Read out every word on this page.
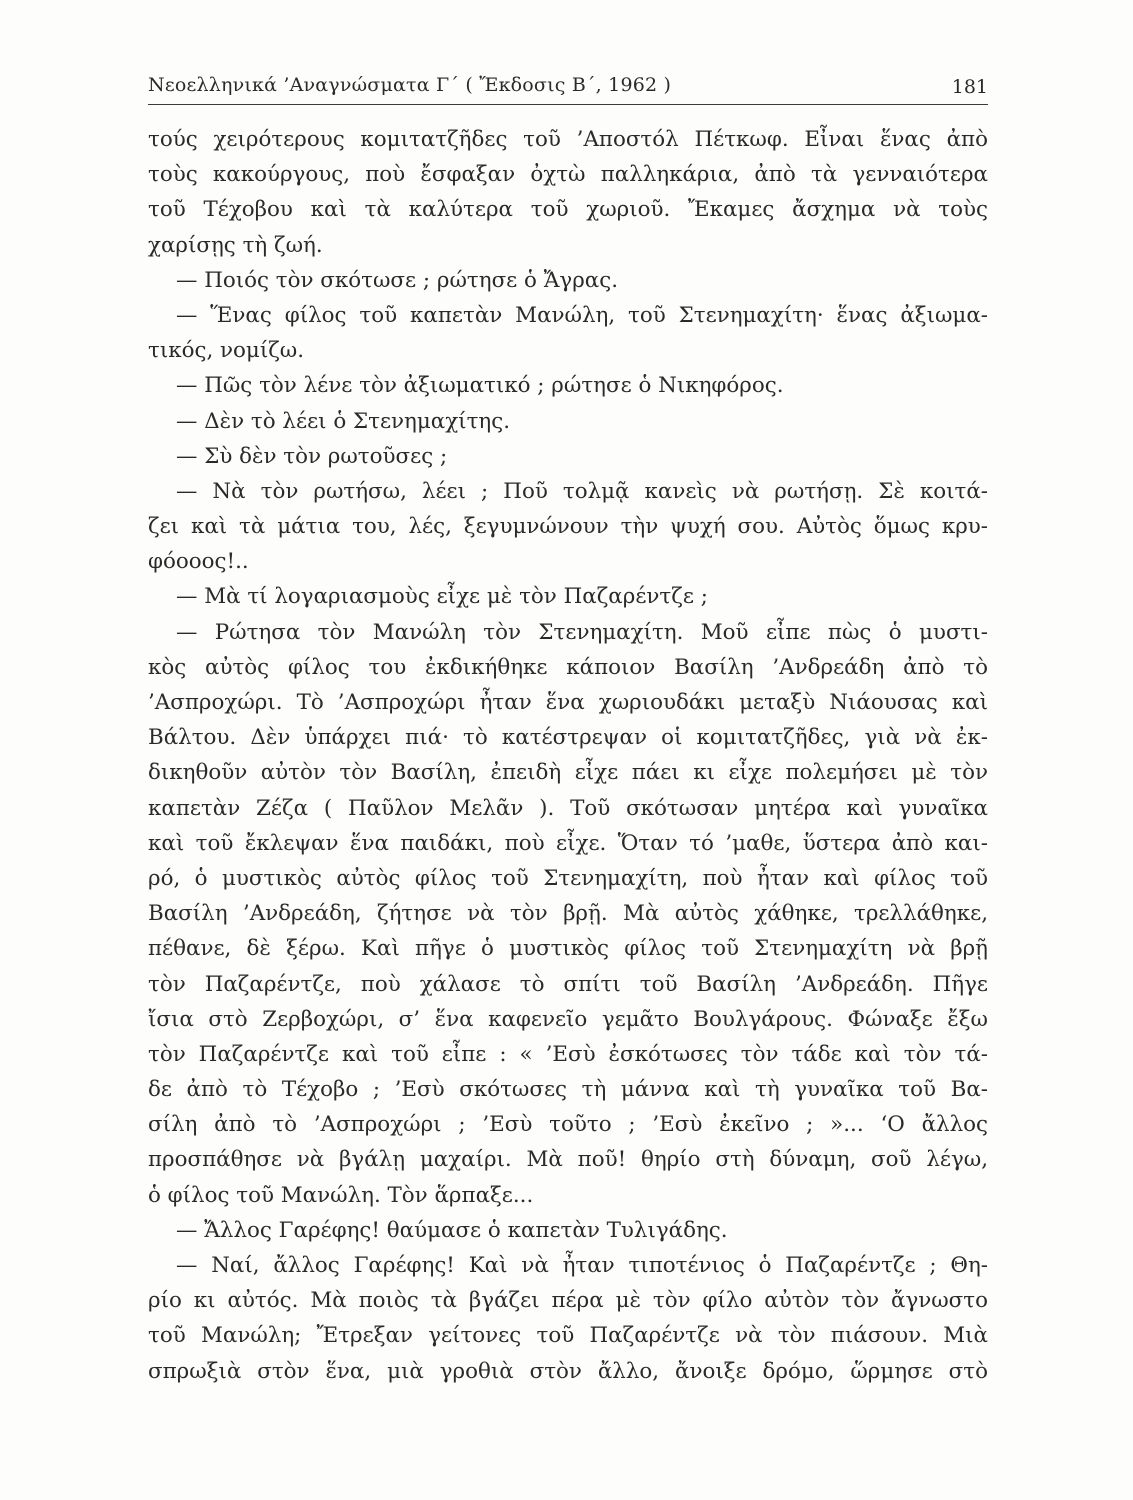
Νεοελληνικά ’Αναγνώσματα Γ΄ ( Ἔκδοσις Β΄, 1962 )	181
τούς χειρότερους κομιτατζῆδες τοῦ ’Αποστόλ Πέτκωφ. Εἶναι ἕνας ἀπὸ
τοὺς κακούργους, ποὺ ἔσφαξαν ὀχτὼ παλληκάρια, ἀπὸ τὰ γενναιότερα
τοῦ Τέχοβου καὶ τὰ καλύτερα τοῦ χωριοῦ. Ἔκαμες ἄσχημα νὰ τοὺς
χαρίσῃς τὴ ζωή.
— Ποιός τὸν σκότωσε ; ρώτησε ὁ Ἄγρας.
— Ἕνας φίλος τοῦ καπετὰν Μανώλη, τοῦ Στενημαχίτη· ἕνας ἀξιωμα-
τικός, νομίζω.
— Πῶς τὸν λένε τὸν ἀξιωματικό ; ρώτησε ὁ Νικηφόρος.
— Δὲν τὸ λέει ὁ Στενημαχίτης.
— Σὺ δὲν τὸν ρωτοῦσες ;
— Νὰ τὸν ρωτήσω, λέει ; Ποῦ τολμᾷ κανεὶς νὰ ρωτήσῃ. Σὲ κοιτά-
ζει καὶ τὰ μάτια του, λές, ξεγυμνώνουν τὴν ψυχή σου. Αὐτὸς ὅμως κρυ-
φόοοος!..
— Μὰ τί λογαριασμοὺς εἶχε μὲ τὸν Παζαρέντζε ;
— Ρώτησα τὸν Μανώλη τὸν Στενημαχίτη. Μοῦ εἶπε πὼς ὁ μυστι-
κὸς αὐτὸς φίλος του ἐκδικήθηκε κάποιον Βασίλη ’Ανδρεάδη ἀπὸ τὸ
’Ασπροχώρι. Τὸ ’Ασπροχώρι ἦταν ἕνα χωριουδάκι μεταξὺ Νιάουσας καὶ
Βάλτου. Δὲν ὑπάρχει πιά· τὸ κατέστρεψαν οἱ κομιτατζῆδες, γιὰ νὰ ἐκ-
δικηθοῦν αὐτὸν τὸν Βασίλη, ἐπειδὴ εἶχε πάει κι εἶχε πολεμήσει μὲ τὸν
καπετὰν Ζέζα ( Παῦλον Μελᾶν ). Τοῦ σκότωσαν μητέρα καὶ γυναῖκα
καὶ τοῦ ἔκλεψαν ἕνα παιδάκι, ποὺ εἶχε. Ὅταν τό ’μαθε, ὕστερα ἀπὸ και-
ρό, ὁ μυστικὸς αὐτὸς φίλος τοῦ Στενημαχίτη, ποὺ ἦταν καὶ φίλος τοῦ
Βασίλη ’Ανδρεάδη, ζήτησε νὰ τὸν βρῇ. Μὰ αὐτὸς χάθηκε, τρελλάθηκε,
πέθανε, δὲ ξέρω. Καὶ πῆγε ὁ μυστικὸς φίλος τοῦ Στενημαχίτη νὰ βρῇ
τὸν Παζαρέντζε, ποὺ χάλασε τὸ σπίτι τοῦ Βασίλη ’Ανδρεάδη. Πῆγε
ἴσια στὸ Ζερβοχώρι, σ’ ἕνα καφενεῖο γεμᾶτο Βουλγάρους. Φώναξε ἔξω
τὸν Παζαρέντζε καὶ τοῦ εἶπε : « ’Εσὺ ἐσκότωσες τὸν τάδε καὶ τὸν τά-
δε ἀπὸ τὸ Τέχοβο ; ’Εσὺ σκότωσες τὴ μάννα καὶ τὴ γυναῖκα τοῦ Βα-
σίλη ἀπὸ τὸ ’Ασπροχώρι ; ’Εσὺ τοῦτο ; ’Εσὺ ἐκεῖνο ; »... ‘Ο ἄλλος
προσπάθησε νὰ βγάλῃ μαχαίρι. Μὰ ποῦ! θηρίο στὴ δύναμη, σοῦ λέγω,
ὁ φίλος τοῦ Μανώλη. Τὸν ἅρπαξε...
— Ἄλλος Γαρέφης! θαύμασε ὁ καπετὰν Τυλιγάδης.
— Ναί, ἄλλος Γαρέφης! Καὶ νὰ ἦταν τιποτένιος ὁ Παζαρέντζε ; Θη-
ρίο κι αὐτός. Μὰ ποιὸς τὰ βγάζει πέρα μὲ τὸν φίλο αὐτὸν τὸν ἄγνωστο
τοῦ Μανώλη; Ἔτρεξαν γείτονες τοῦ Παζαρέντζε νὰ τὸν πιάσουν. Μιὰ
σπρωξιὰ στὸν ἕνα, μιὰ γροθιὰ στὸν ἄλλο, ἄνοιξε δρόμο, ὥρμησε στὸ
